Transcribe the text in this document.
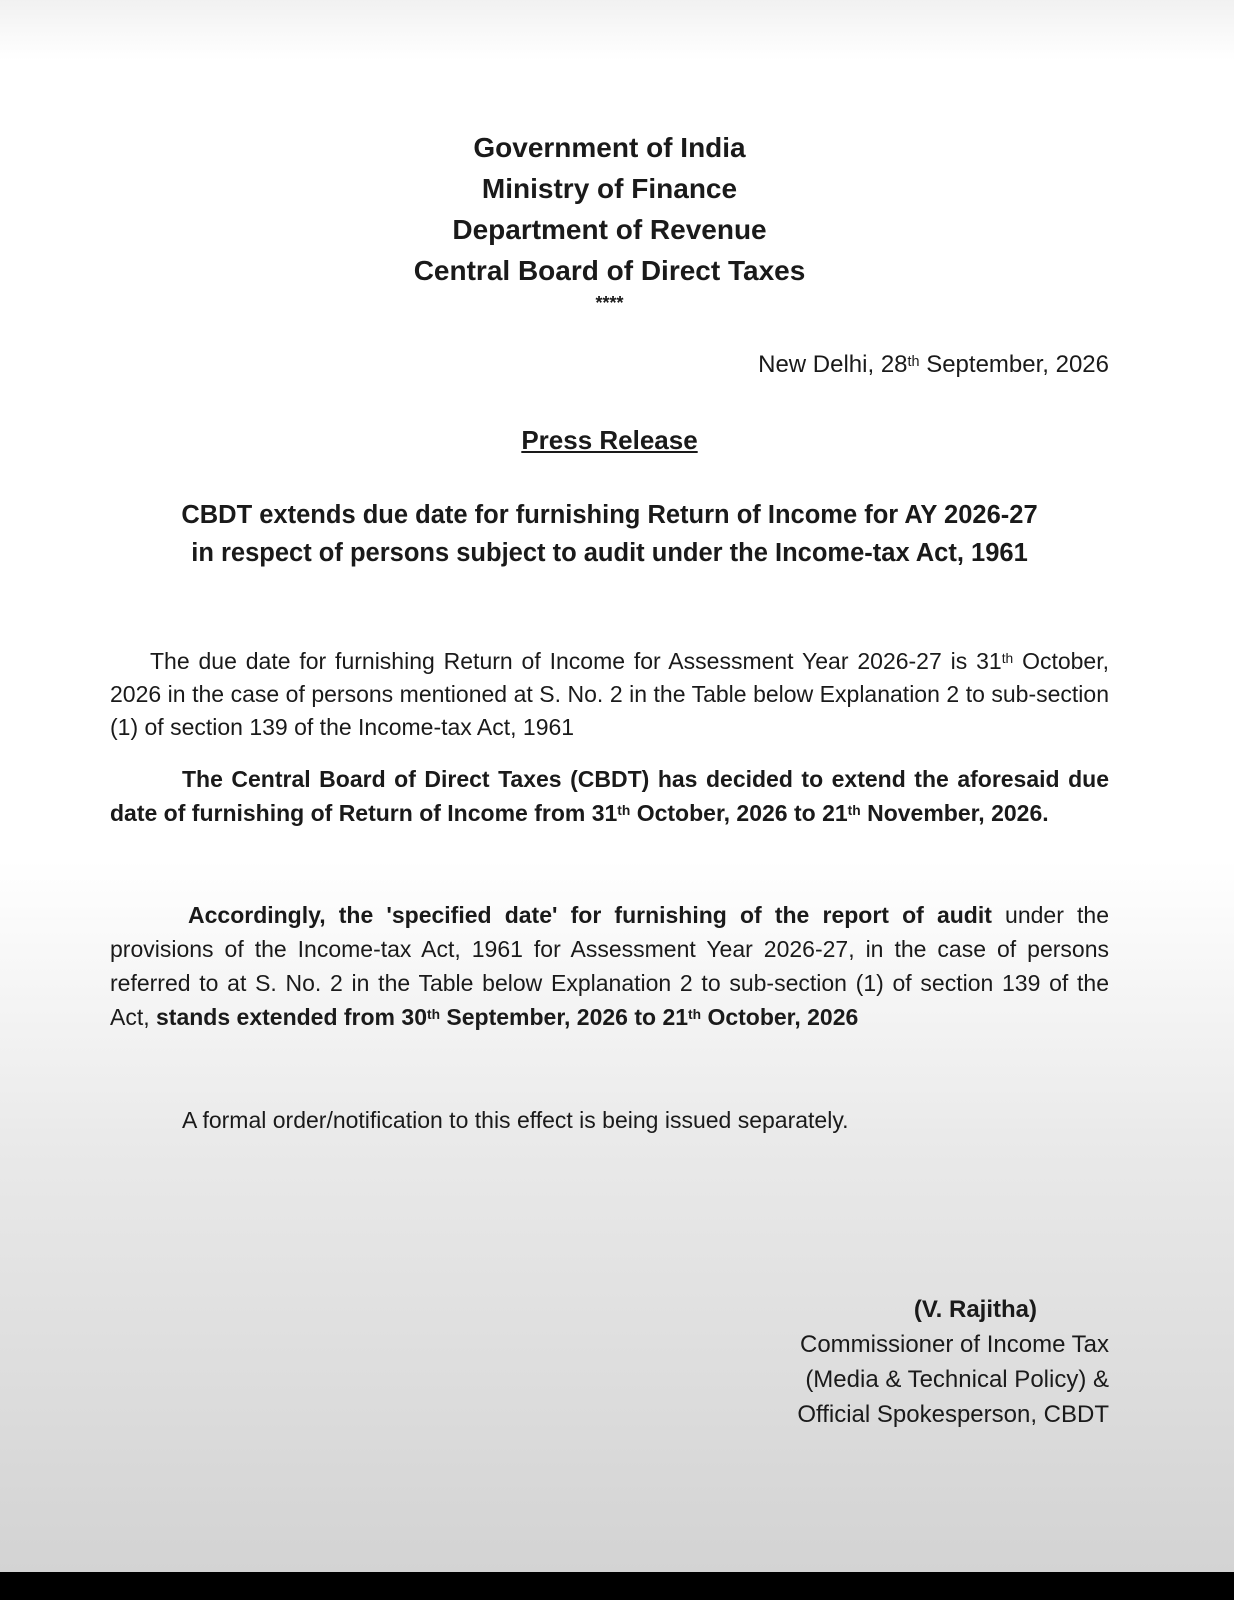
Government of India
Ministry of Finance
Department of Revenue
Central Board of Direct Taxes
****
New Delhi, 28th September, 2026
Press Release
CBDT extends due date for furnishing Return of Income for AY 2026-27
in respect of persons subject to audit under the Income-tax Act, 1961
The due date for furnishing Return of Income for Assessment Year 2026-27 is 31th October, 2026 in the case of persons mentioned at S. No. 2 in the Table below Explanation 2 to sub-section (1) of section 139 of the Income-tax Act, 1961
The Central Board of Direct Taxes (CBDT) has decided to extend the aforesaid due date of furnishing of Return of Income from 31th October, 2026 to 21th November, 2026.
Accordingly, the 'specified date' for furnishing of the report of audit under the provisions of the Income-tax Act, 1961 for Assessment Year 2026-27, in the case of persons referred to at S. No. 2 in the Table below Explanation 2 to sub-section (1) of section 139 of the Act, stands extended from 30th September, 2026 to 21th October, 2026
A formal order/notification to this effect is being issued separately.
(V. Rajitha)
Commissioner of Income Tax
(Media & Technical Policy) &
Official Spokesperson, CBDT
